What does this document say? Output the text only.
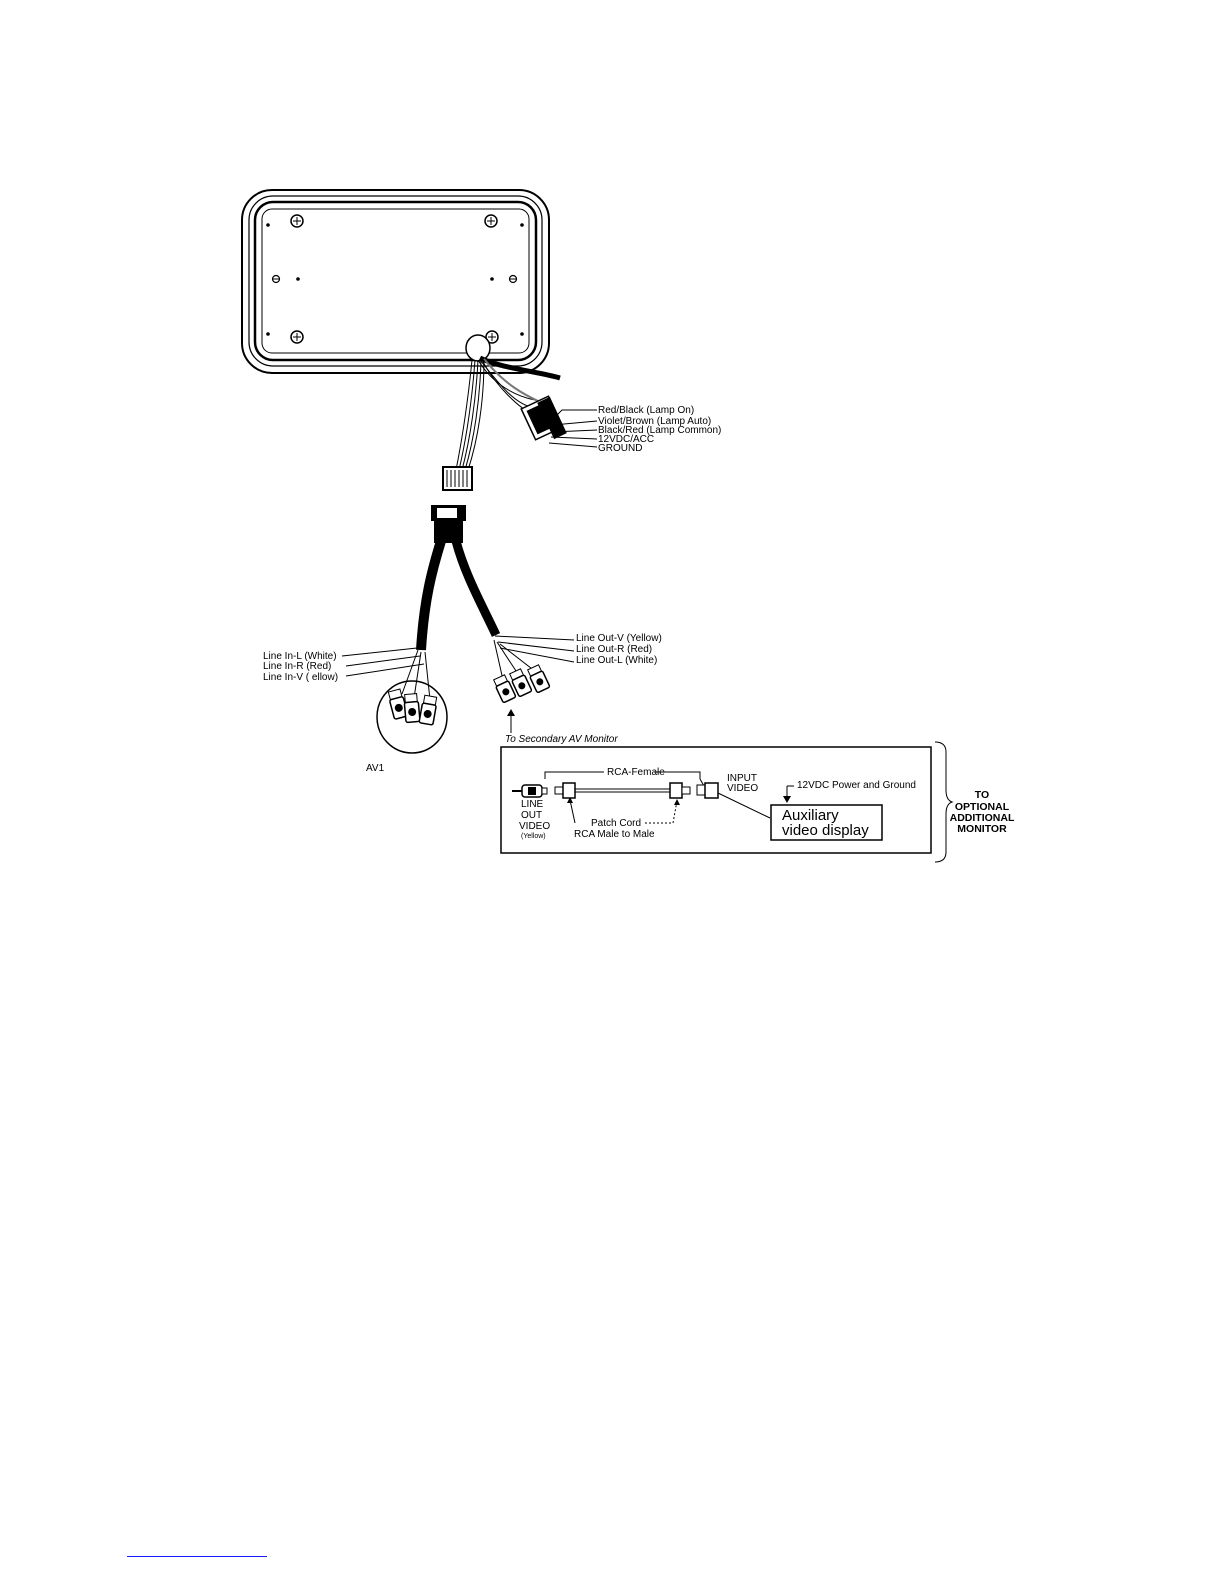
Red/Black (Lamp On)
Violet/Brown (Lamp Auto)
Black/Red (Lamp Common)
12VDC/ACC
GROUND
Line In-L (White)
Line In-R (Red)
Line In-V ( ellow)
AV1
Line Out-V (Yellow)
Line Out-R (Red)
Line Out-L (White)
To Secondary AV Monitor
RCA-Female
INPUT
VIDEO	12VDC Power and Ground
Auxiliary
video display
LINE
OUT
VIDEO
(Yellow)
Patch Cord
RCA Male to Male
TO
OPTIONAL
ADDITIONAL
MONITOR
